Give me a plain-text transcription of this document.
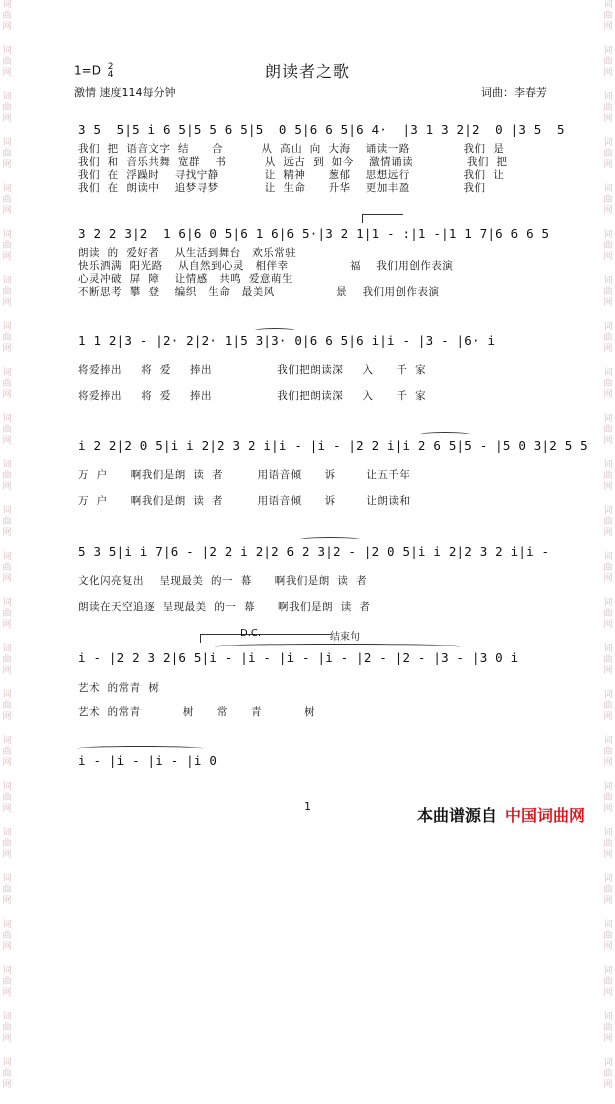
词
曲
网
词
曲
网
词
曲
网
词
曲
网
词
曲
网
词
曲
网
词
曲
网
词
曲
网
词
曲
网
词
曲
网
词
曲
网
词
曲
网
词
曲
网
词
曲
网
词
曲
网
词
曲
网
词
曲
网
词
曲
网
词
曲
网
词
曲
网
词
曲
网
词
曲
网
词
曲
网
词
曲
网
词
曲
网
词
曲
网
词
曲
网
词
曲
网
词
曲
网
词
曲
网
词
曲
网
词
曲
网
词
曲
网
词
曲
网
词
曲
网
词
曲
网
词
曲
网
词
曲
网
词
曲
网
词
曲
网
词
曲
网
词
曲
网
词
曲
网
词
曲
网
词
曲
网
词
曲
网
词
曲
网
词
曲
网
1=D 2
4	朗读者之歌
激情 速度114每分钟	词曲：李春芳
3 5  5|5 i 6 5|5 5 6 5|5  0 5|6 6 5|6 4·  |3 1 3 2|2  0 |3 5  5
我们  把  语音文字  结      合          从  高山  向  大海    诵读一路              我们  是
我们  和  音乐共舞  宽群    书          从  远古  到  如今    激情诵读              我们  把
我们  在  浮躁时    寻找宁静            让  精神      葱郁    思想远行              我们  让
我们  在  朗读中    追梦寻梦            让  生命      升华    更加丰盈              我们
3 2 2 3|2  1 6|6 0 5|6 1 6|6 5·|3 2 1|1 - :|1 -|1 1 7|6 6 6 5
朗读  的  爱好者    从生活到舞台   欢乐常驻
快乐洒满  阳光路    从自然到心灵   相伴幸                福    我们用创作表演
心灵冲破  屏  障    让情感   共鸣  爱意萌生
不断思考  攀  登    编织   生命   最美风                景    我们用创作表演
1 1 2|3 - |2· 2|2· 1|5 3|3· 0|6 6 5|6 i|i - |3 - |6· i
将爱捧出     将  爱     捧出                 我们把朗读深     入      千  家
将爱捧出     将  爱     捧出                 我们把朗读深     入      千  家
i 2 2|2 0 5|i i 2|2 3 2 i|i - |i - |2 2 i|i 2 6 5|5 - |5 0 3|2 5 5
万  户      啊我们是朗  读  者         用语音倾      诉        让五千年
万  户      啊我们是朗  读  者         用语音倾      诉        让朗读和
5 3 5|i i 7|6 - |2 2 i 2|2 6 2 3|2 - |2 0 5|i i 2|2 3 2 i|i -
文化闪亮复出    呈现最美  的一  幕      啊我们是朗  读  者
朗读在天空追逐  呈现最美  的一  幕      啊我们是朗  读  者
D.C.	结束句
i - |2 2 3 2|6 5|i - |i - |i - |i - |2 - |2 - |3 - |3 0 i
艺术  的常青  树
艺术  的常青           树      常      青           树
i - |i - |i - |i 0
1	本曲谱源自 中国词曲网
